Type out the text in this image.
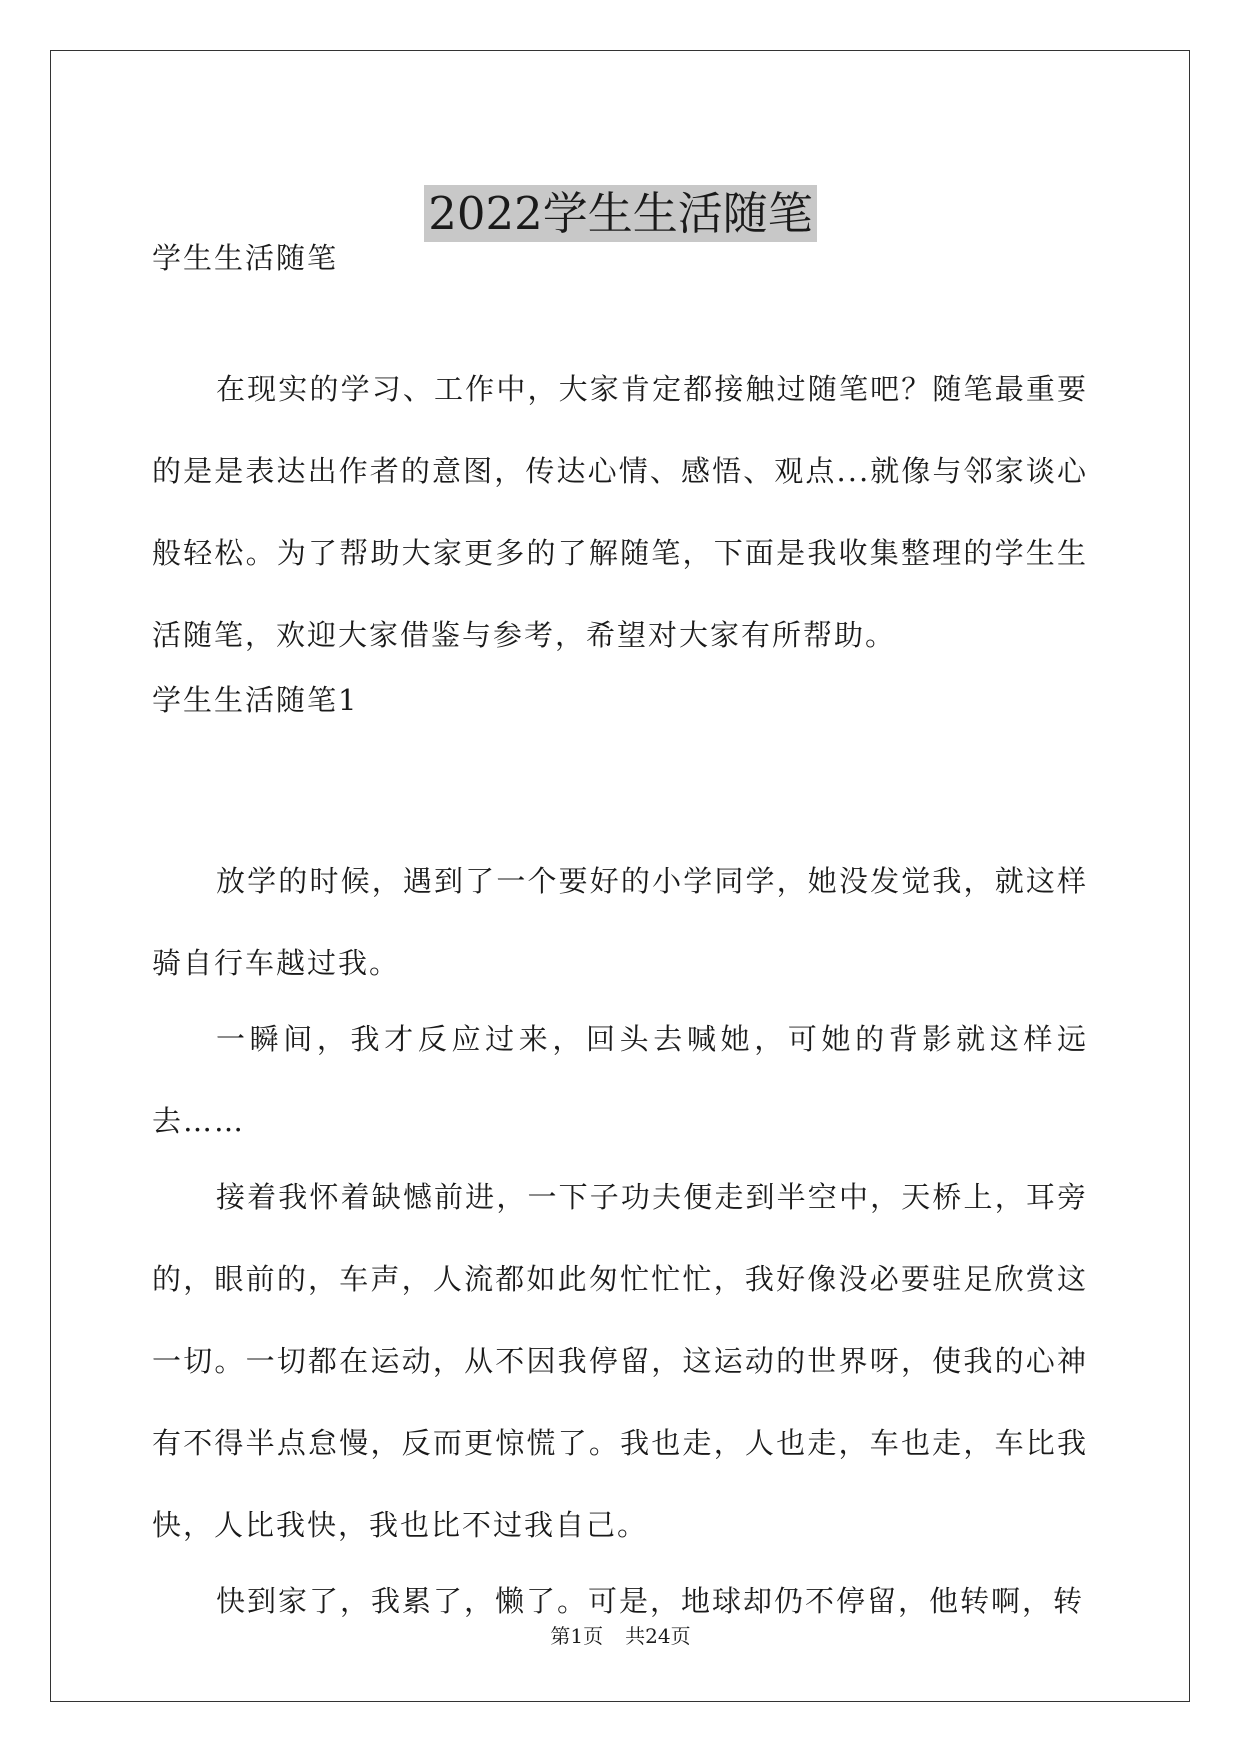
2022学生生活随笔
学生生活随笔

在现实的学习、工作中，大家肯定都接触过随笔吧？随笔最重要的是是表达出作者的意图，传达心情、感悟、观点...就像与邻家谈心般轻松。为了帮助大家更多的了解随笔，下面是我收集整理的学生生活随笔，欢迎大家借鉴与参考，希望对大家有所帮助。

学生生活随笔1

放学的时候，遇到了一个要好的小学同学，她没发觉我，就这样骑自行车越过我。

一瞬间，我才反应过来，回头去喊她，可她的背影就这样远去……

接着我怀着缺憾前进，一下子功夫便走到半空中，天桥上，耳旁的，眼前的，车声，人流都如此匆忙忙忙，我好像没必要驻足欣赏这一切。一切都在运动，从不因我停留，这运动的世界呀，使我的心神有不得半点怠慢，反而更惊慌了。我也走，人也走，车也走，车比我快，人比我快，我也比不过我自己。

快到家了，我累了，懒了。可是，地球却仍不停留，他转啊，转

第1页 共24页
